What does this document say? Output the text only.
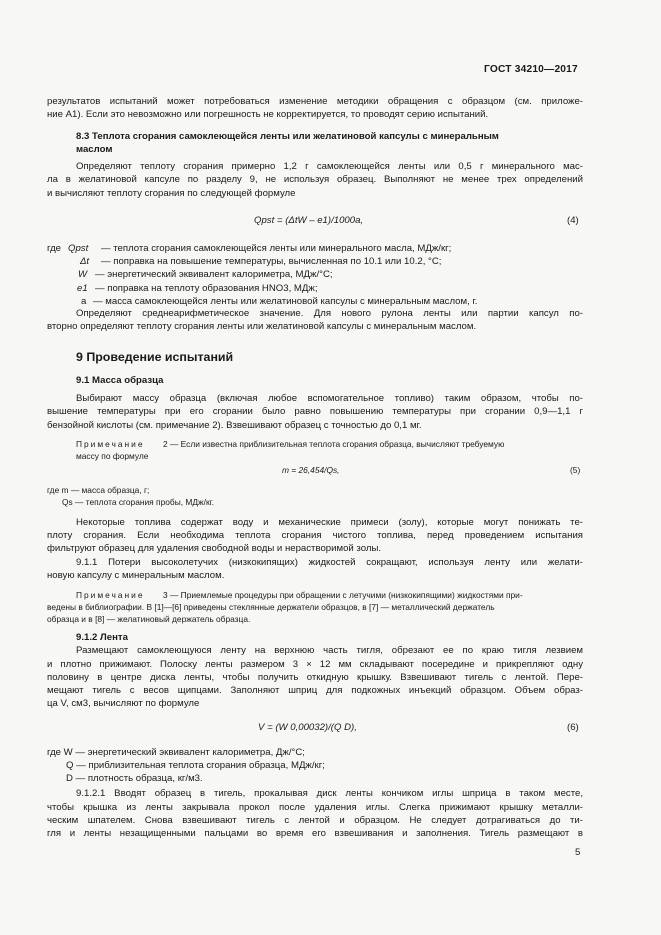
ГОСТ 34210—2017
результатов испытаний может потребоваться изменение методики обращения с образцом (см. приложе-
ние А1). Если это невозможно или погрешность не корректируется, то проводят серию испытаний.
8.3 Теплота сгорания самоклеющейся ленты или желатиновой капсулы с минеральным
маслом
Определяют теплоту сгорания примерно 1,2 г самоклеющейся ленты или 0,5 г минерального мас-
ла в желатиновой капсуле по разделу 9, не используя образец. Выполняют не менее трех определений
и вычисляют теплоту сгорания по следующей формуле
Qpst = (ΔtW – e1)/1000a,	(4)
где Qpst — теплота сгорания самоклеющейся ленты или минерального масла, МДж/кг;
Δt — поправка на повышение температуры, вычисленная по 10.1 или 10.2, °C;
W — энергетический эквивалент калориметра, МДж/°C;
e1 — поправка на теплоту образования HNO3, МДж;
a — масса самоклеющейся ленты или желатиновой капсулы с минеральным маслом, г.
Определяют среднеарифметическое значение. Для нового рулона ленты или партии капсул по-
вторно определяют теплоту сгорания ленты или желатиновой капсулы с минеральным маслом.
9 Проведение испытаний
9.1 Масса образца
Выбирают массу образца (включая любое вспомогательное топливо) таким образом, чтобы по-
вышение температуры при его сгорании было равно повышению температуры при сгорании 0,9—1,1 г
бензойной кислоты (см. примечание 2). Взвешивают образец с точностью до 0,1 мг.
Примечание 2 — Если известна приблизительная теплота сгорания образца, вычисляют требуемую
массу по формуле
m = 26,454/Qs,	(5)
где m — масса образца, г;
Qs — теплота сгорания пробы, МДж/кг.
Некоторые топлива содержат воду и механические примеси (золу), которые могут понижать те-
плоту сгорания. Если необходима теплота сгорания чистого топлива, перед проведением испытания
фильтруют образец для удаления свободной воды и нерастворимой золы.
9.1.1 Потери высоколетучих (низкокипящих) жидкостей сокращают, используя ленту или желати-
новую капсулу с минеральным маслом.
Примечание 3 — Приемлемые процедуры при обращении с летучими (низкокипящими) жидкостями при-
ведены в библиографии. В [1]—[6] приведены стеклянные держатели образцов, в [7] — металлический держатель
образца и в [8] — желатиновый держатель образца.
9.1.2 Лента
Размещают самоклеющуюся ленту на верхнюю часть тигля, обрезают ее по краю тигля лезвием
и плотно прижимают. Полоску ленты размером 3 × 12 мм складывают посередине и прикрепляют одну
половину в центре диска ленты, чтобы получить откидную крышку. Взвешивают тигель с лентой. Пере-
мещают тигель с весов щипцами. Заполняют шприц для подкожных инъекций образцом. Объем образ-
ца V, см3, вычисляют по формуле
V = (W 0,00032)/(Q D),	(6)
где W — энергетический эквивалент калориметра, Дж/°C;
Q — приблизительная теплота сгорания образца, МДж/кг;
D — плотность образца, кг/м3.
9.1.2.1 Вводят образец в тигель, прокалывая диск ленты кончиком иглы шприца в таком месте,
чтобы крышка из ленты закрывала прокол после удаления иглы. Слегка прижимают крышку металли-
ческим шпателем. Снова взвешивают тигель с лентой и образцом. Не следует дотрагиваться до ти-
гля и ленты незащищенными пальцами во время его взвешивания и заполнения. Тигель размещают в
5
